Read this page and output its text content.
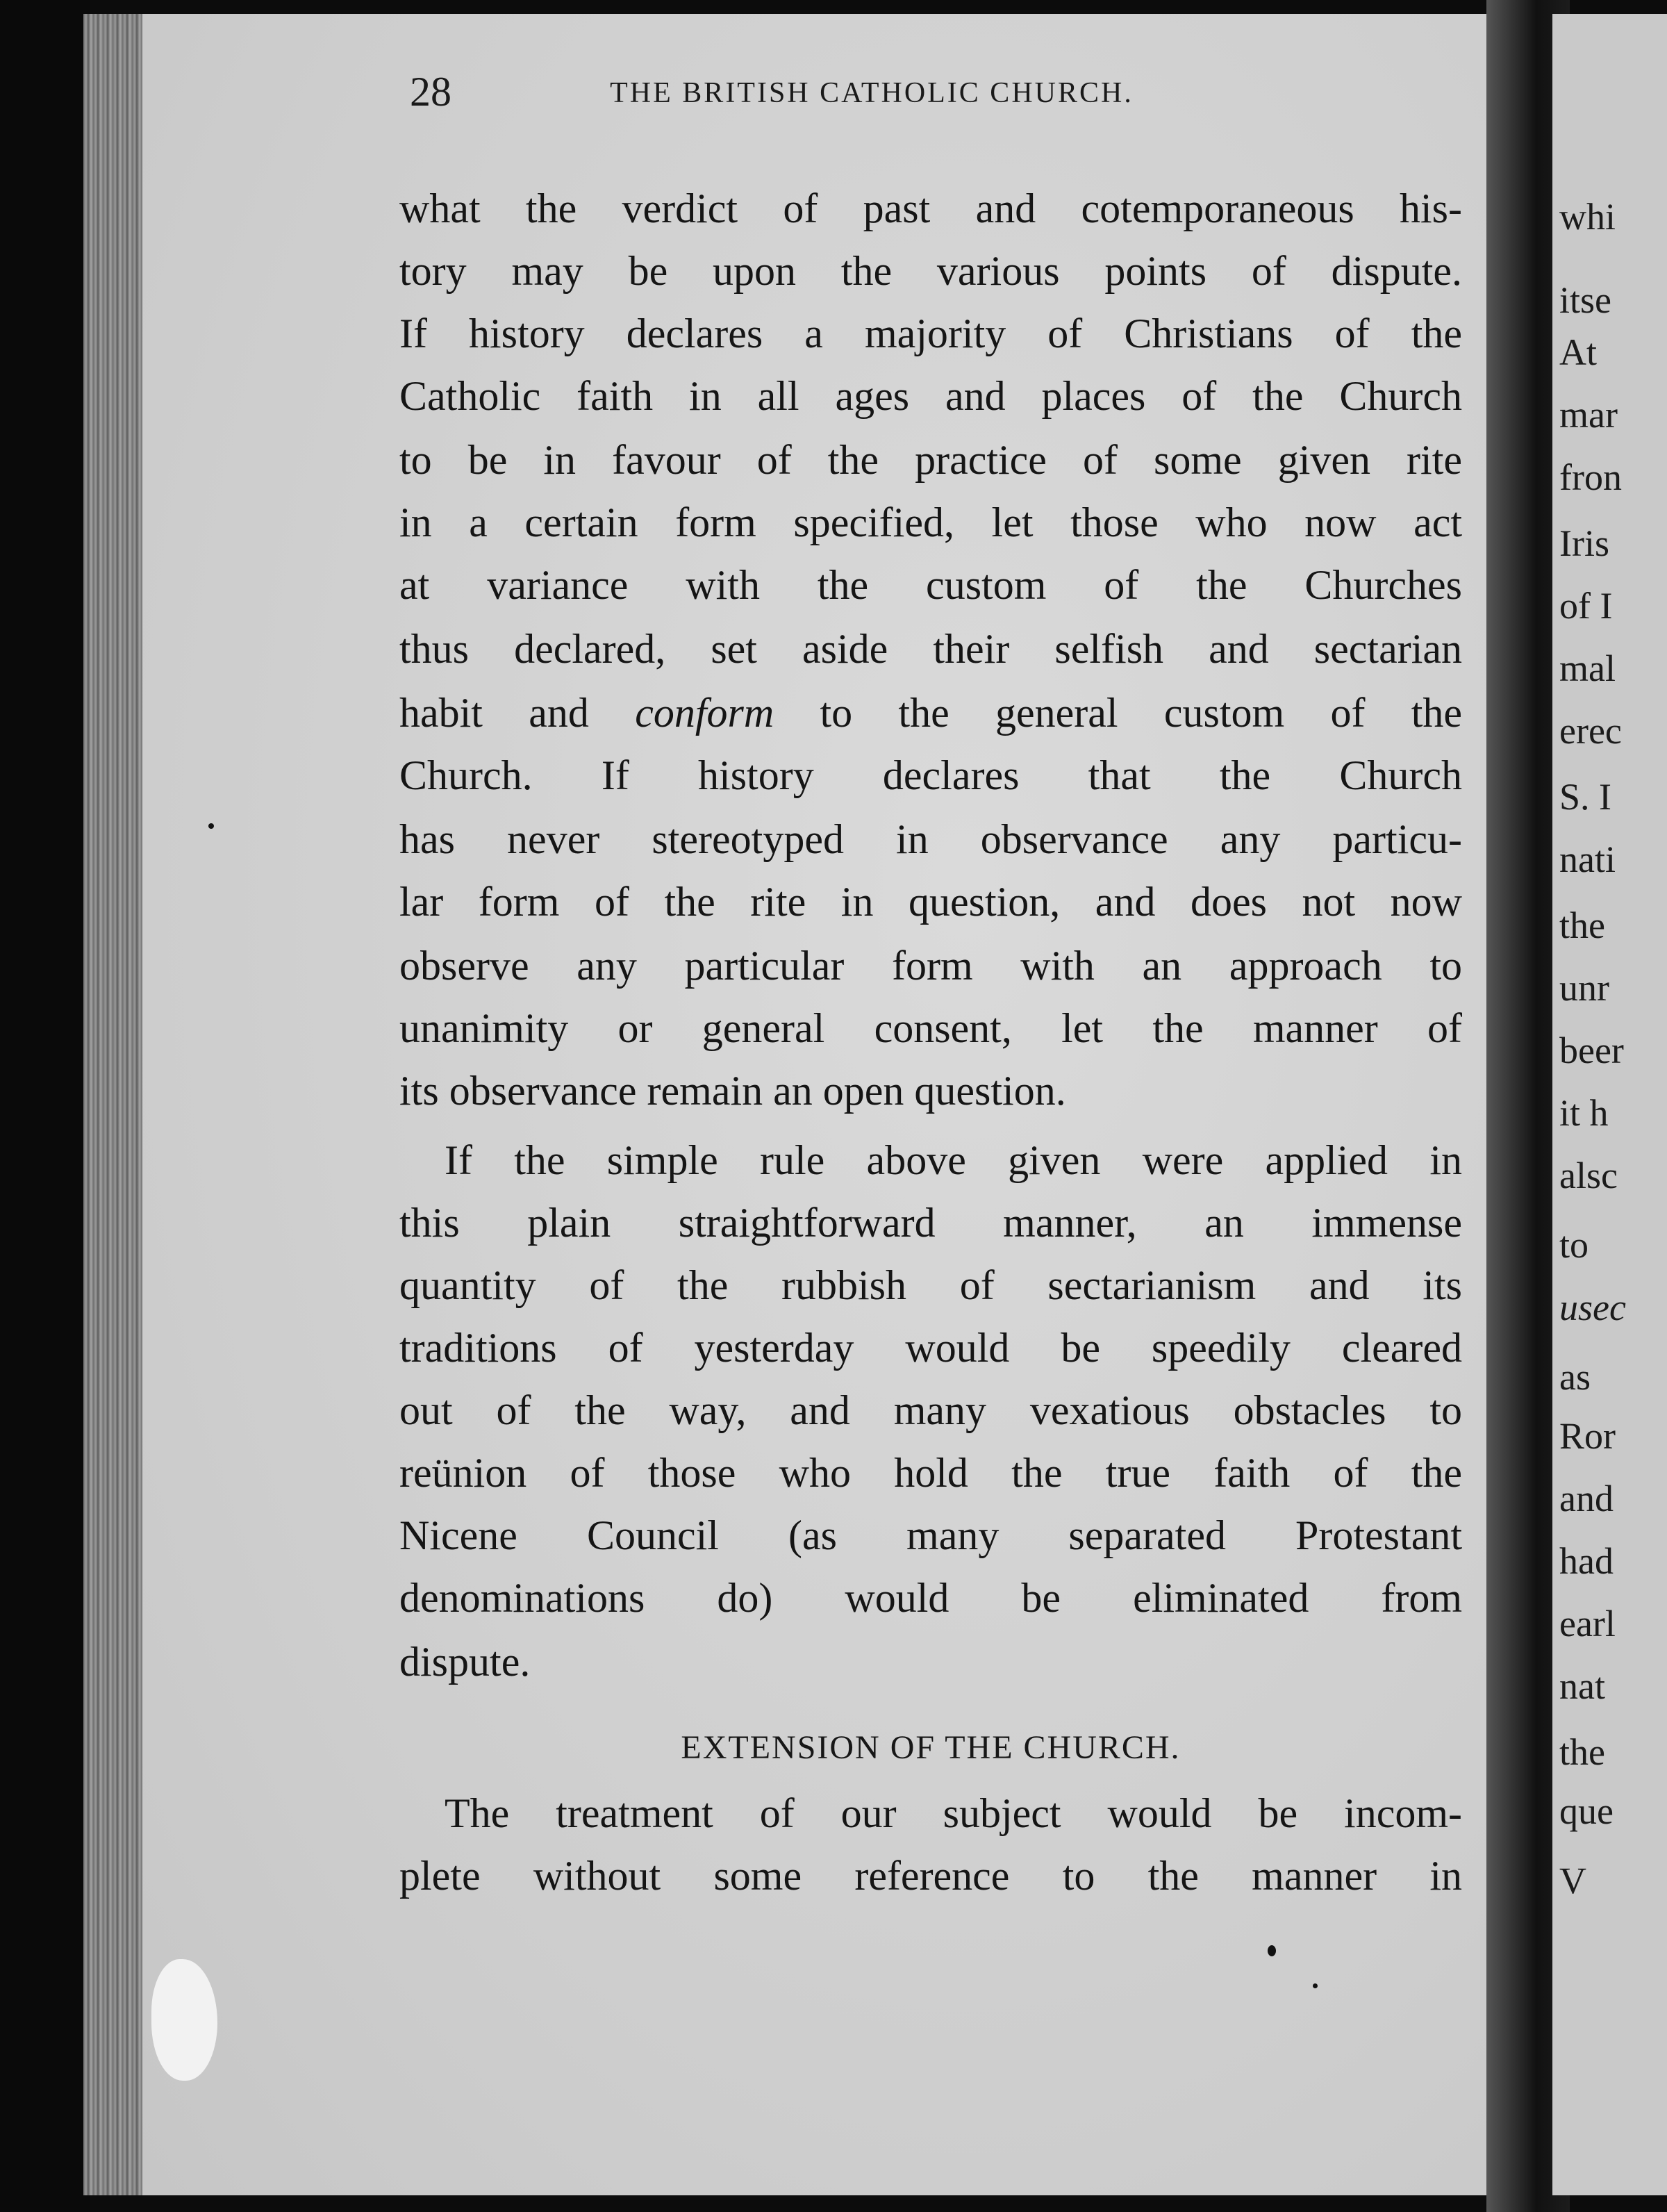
whi
itse
At
mar
fron
Iris
of I
mal
erec
S. I
nati
the
unr
beer
it h
alsc
to
usec
as
Ror
and
had
earl
nat
the
que
V
28	THE BRITISH CATHOLIC CHURCH.
what the verdict of past and cotemporaneous his-
tory may be upon the various points of dispute.
If history declares a majority of Christians of the
Catholic faith in all ages and places of the Church
to be in favour of the practice of some given rite
in a certain form specified, let those who now act
at variance with the custom of the Churches
thus declared, set aside their selfish and sectarian
habit and conform to the general custom of the
Church. If history declares that the Church
has never stereotyped in observance any particu-
lar form of the rite in question, and does not now
observe any particular form with an approach to
unanimity or general consent, let the manner of
its observance remain an open question.
If the simple rule above given were applied in
this plain straightforward manner, an immense
quantity of the rubbish of sectarianism and its
traditions of yesterday would be speedily cleared
out of the way, and many vexatious obstacles to
reünion of those who hold the true faith of the
Nicene Council (as many separated Protestant
denominations do) would be eliminated from
dispute.
EXTENSION OF THE CHURCH.
The treatment of our subject would be incom-
plete without some reference to the manner in
